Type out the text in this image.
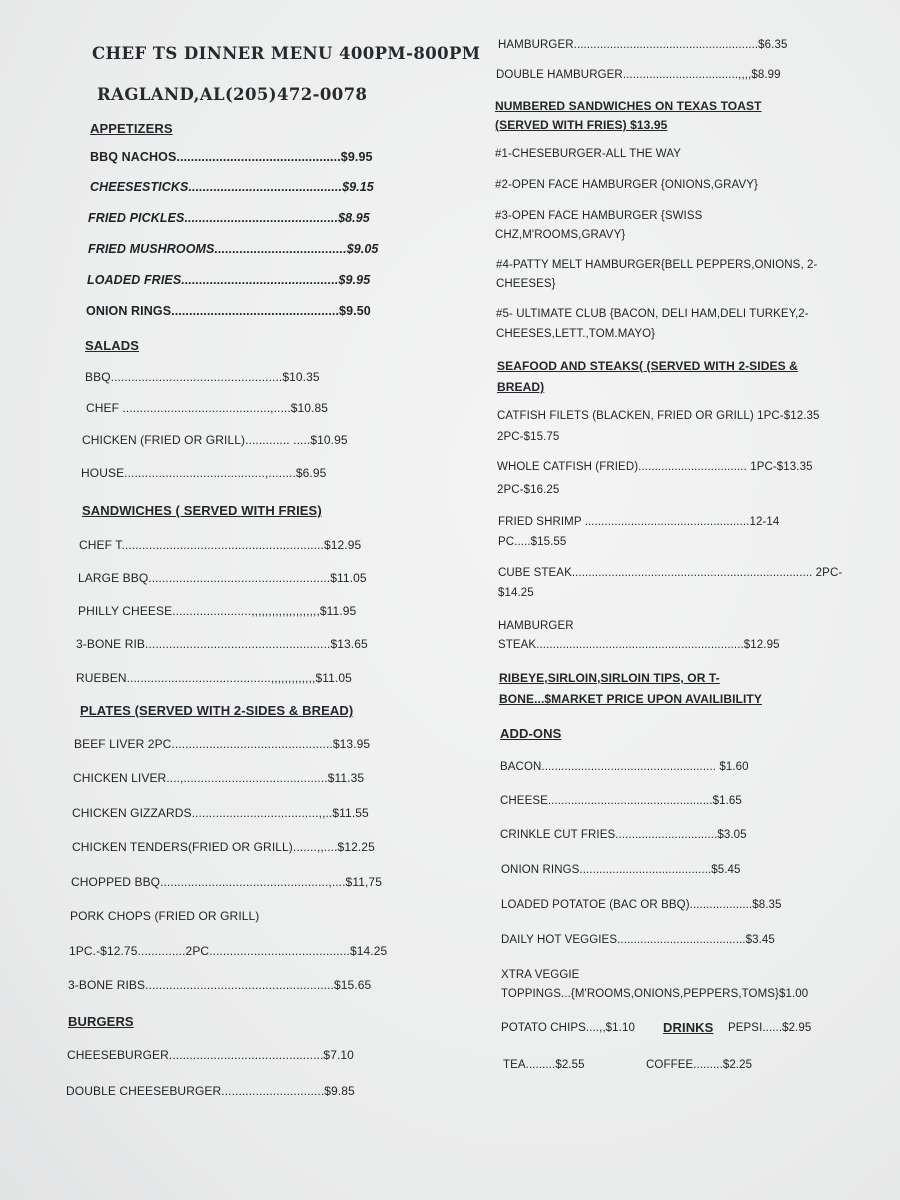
CHEF TS DINNER MENU 400PM-800PM
RAGLAND,AL(205)472-0078
APPETIZERS
BBQ NACHOS..............................................$9.95
CHEESESTICKS...........................................$9.15
FRIED PICKLES...........................................$8.95
FRIED MUSHROOMS.....................................$9.05
LOADED FRIES............................................$9.95
ONION RINGS...............................................$9.50
SALADS
BBQ..................................................$10.35
CHEF ...........................................,.....$10.85
CHICKEN (FRIED OR GRILL)............. .....$10.95
HOUSE.........................................,........$6.95
SANDWICHES ( SERVED WITH FRIES)
CHEF T...........................................................$12.95
LARGE BBQ.....................................................$11.05
PHILLY CHEESE.......................,,,,,,,,,,,,,,,,,,,,$11.95
3-BONE RIB......................................................$13.65
RUEBEN..........................................,,,,,,,,,,,,,$11.05
PLATES (SERVED WITH 2-SIDES & BREAD)
BEEF LIVER 2PC...............................................$13.95
CHICKEN LIVER....,..........................................$11.35
CHICKEN GIZZARDS.....................................,,..$11.55
CHICKEN TENDERS(FRIED OR GRILL).......,,....$12.25
CHOPPED BBQ.................................................,....$11,75
PORK CHOPS (FRIED OR GRILL)
1PC.-$12.75..............2PC.........................................$14.25
3-BONE RIBS.......................................................$15.65
BURGERS
CHEESEBURGER.............................................$7.10
DOUBLE CHEESEBURGER..............................$9.85
HAMBURGER........................................................$6.35
DOUBLE HAMBURGER...................................,,,,$8.99
NUMBERED SANDWICHES ON TEXAS TOAST
(SERVED WITH FRIES) $13.95
#1-CHESEBURGER-ALL THE WAY
#2-OPEN FACE HAMBURGER {ONIONS,GRAVY}
#3-OPEN FACE HAMBURGER {SWISS
CHZ,M'ROOMS,GRAVY}
#4-PATTY MELT HAMBURGER{BELL PEPPERS,ONIONS, 2-
CHEESES}
#5- ULTIMATE CLUB {BACON, DELI HAM,DELI TURKEY,2-
CHEESES,LETT.,TOM.MAYO}
SEAFOOD AND STEAKS( (SERVED WITH 2-SIDES &
BREAD)
CATFISH FILETS (BLACKEN, FRIED OR GRILL) 1PC-$12.35
2PC-$15.75
WHOLE CATFISH (FRIED)................................. 1PC-$13.35
2PC-$16.25
FRIED SHRIMP ..................................................12-14
PC.....$15.55
CUBE STEAK......................................................................... 2PC-
$14.25
HAMBURGER
STEAK...............................................................$12.95
RIBEYE,SIRLOIN,SIRLOIN TIPS, OR T-
BONE...$MARKET PRICE UPON AVAILIBILITY
ADD-ONS
BACON..................................................... $1.60
CHEESE..................................................$1.65
CRINKLE CUT FRIES...............................$3.05
ONION RINGS........................................$5.45
LOADED POTATOE (BAC OR BBQ)...................$8.35
DAILY HOT VEGGIES.......................................$3.45
XTRA VEGGIE
TOPPINGS...{M'ROOMS,ONIONS,PEPPERS,TOMS}$1.00
POTATO CHIPS....,,$1.10 DRINKS PEPSI......$2.95
TEA.........$2.55	COFFEE.........$2.25
